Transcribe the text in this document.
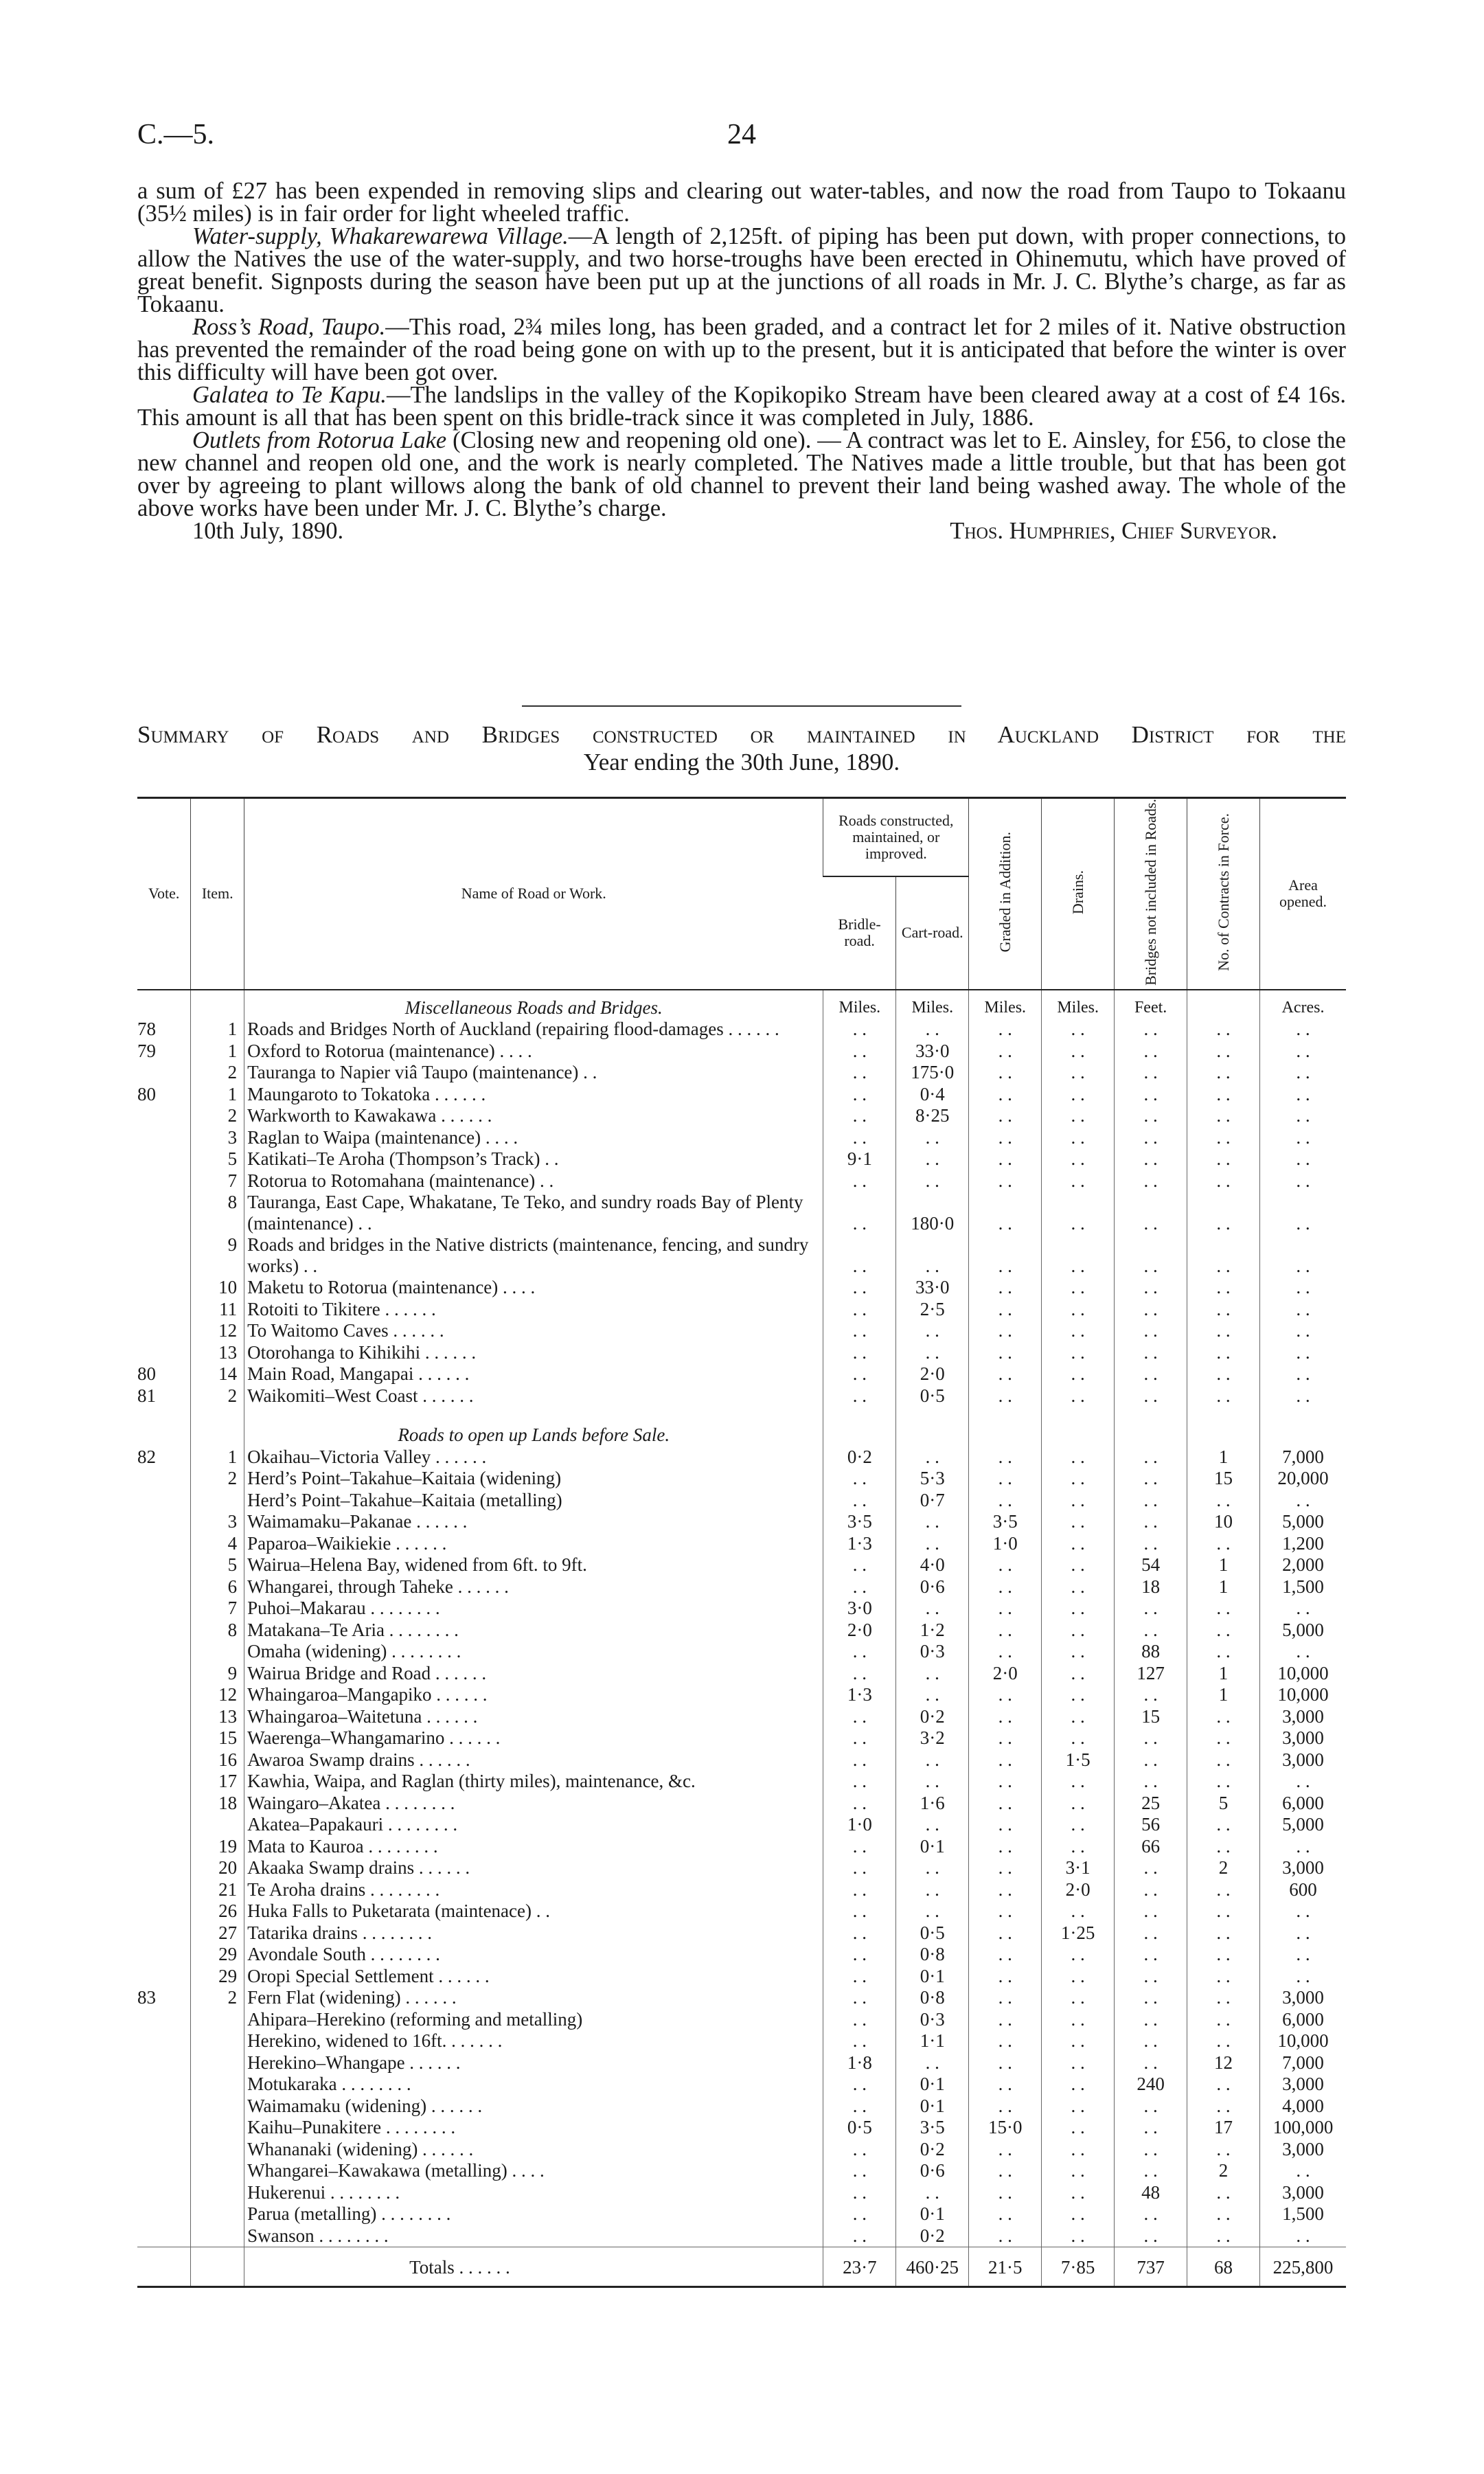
C.—5.	24

a sum of £27 has been expended in removing slips and clearing out water-tables, and now the road from Taupo to Tokaanu (35½ miles) is in fair order for light wheeled traffic.

Water-supply, Whakarewarewa Village.—A length of 2,125ft. of piping has been put down, with proper connections, to allow the Natives the use of the water-supply, and two horse-troughs have been erected in Ohinemutu, which have proved of great benefit. Signposts during the season have been put up at the junctions of all roads in Mr. J. C. Blythe’s charge, as far as Tokaanu.

Ross’s Road, Taupo.—This road, 2¾ miles long, has been graded, and a contract let for 2 miles of it. Native obstruction has prevented the remainder of the road being gone on with up to the present, but it is anticipated that before the winter is over this difficulty will have been got over.

Galatea to Te Kapu.—The landslips in the valley of the Kopikopiko Stream have been cleared away at a cost of £4 16s. This amount is all that has been spent on this bridle-track since it was completed in July, 1886.

Outlets from Rotorua Lake (Closing new and reopening old one). — A contract was let to E. Ainsley, for £56, to close the new channel and reopen old one, and the work is nearly completed. The Natives made a little trouble, but that has been got over by agreeing to plant willows along the bank of old channel to prevent their land being washed away. The whole of the above works have been under Mr. J. C. Blythe’s charge.

10th July, 1890.	Thos. Humphries, Chief Surveyor.
Summary of Roads and Bridges constructed or maintained in Auckland District for the
Year ending the 30th June, 1890.
Vote.	Item.	Name of Road or Work.	Roads constructed, maintained, or improved.		Graded in Addition.	Drains.	Bridges not included in Roads.	No. of Contracts in Force.	Area opened.
			Bridle-road.	Cart-road.					
		Miscellaneous Roads and Bridges.	Miles.	Miles.	Miles.	Miles.	Feet.		Acres.
78	1	Roads and Bridges North of Auckland (repairing flood-damages . . . . . .	. .	. .	. .	. .	. .	. .	. .
79	1	Oxford to Rotorua (maintenance) . . . .	. .	33·0	. .	. .	. .	. .	. .
	2	Tauranga to Napier viâ Taupo (maintenance) . .	. .	175·0	. .	. .	. .	. .	. .
80	1	Maungaroto to Tokatoka . . . . . .	. .	0·4	. .	. .	. .	. .	. .
	2	Warkworth to Kawakawa . . . . . .	. .	8·25	. .	. .	. .	. .	. .
	3	Raglan to Waipa (maintenance) . . . .	. .	. .	. .	. .	. .	. .	. .
	5	Katikati–Te Aroha (Thompson’s Track) . .	9·1	. .	. .	. .	. .	. .	. .
	7	Rotorua to Rotomahana (maintenance) . .	. .	. .	. .	. .	. .	. .	. .
	8	Tauranga, East Cape, Whakatane, Te Teko, and sundry roads Bay of Plenty (maintenance) . .	. .	180·0	. .	. .	. .	. .	. .
	9	Roads and bridges in the Native districts (maintenance, fencing, and sundry works) . .	. .	. .	. .	. .	. .	. .	. .
	10	Maketu to Rotorua (maintenance) . . . .	. .	33·0	. .	. .	. .	. .	. .
	11	Rotoiti to Tikitere . . . . . .	. .	2·5	. .	. .	. .	. .	. .
	12	To Waitomo Caves . . . . . .	. .	. .	. .	. .	. .	. .	. .
	13	Otorohanga to Kihikihi . . . . . .	. .	. .	. .	. .	. .	. .	. .
80	14	Main Road, Mangapai . . . . . .	. .	2·0	. .	. .	. .	. .	. .
81	2	Waikomiti–West Coast . . . . . .	. .	0·5	. .	. .	. .	. .	. .
		Roads to open up Lands before Sale.							
82	1	Okaihau–Victoria Valley . . . . . .	0·2	. .	. .	. .	. .	1	7,000
	2	Herd’s Point–Takahue–Kaitaia (widening)	. .	5·3	. .	. .	. .	15	20,000
		Herd’s Point–Takahue–Kaitaia (metalling)	. .	0·7	. .	. .	. .	. .	. .
	3	Waimamaku–Pakanae . . . . . .	3·5	. .	3·5	. .	. .	10	5,000
	4	Paparoa–Waikiekie . . . . . .	1·3	. .	1·0	. .	. .	. .	1,200
	5	Wairua–Helena Bay, widened from 6ft. to 9ft.	. .	4·0	. .	. .	54	1	2,000
	6	Whangarei, through Taheke . . . . . .	. .	0·6	. .	. .	18	1	1,500
	7	Puhoi–Makarau . . . . . . . .	3·0	. .	. .	. .	. .	. .	. .
	8	Matakana–Te Aria . . . . . . . .	2·0	1·2	. .	. .	. .	. .	5,000
		Omaha (widening) . . . . . . . .	. .	0·3	. .	. .	88	. .	. .
	9	Wairua Bridge and Road . . . . . .	. .	. .	2·0	. .	127	1	10,000
	12	Whaingaroa–Mangapiko . . . . . .	1·3	. .	. .	. .	. .	1	10,000
	13	Whaingaroa–Waitetuna . . . . . .	. .	0·2	. .	. .	15	. .	3,000
	15	Waerenga–Whangamarino . . . . . .	. .	3·2	. .	. .	. .	. .	3,000
	16	Awaroa Swamp drains . . . . . .	. .	. .	. .	1·5	. .	. .	3,000
	17	Kawhia, Waipa, and Raglan (thirty miles), maintenance, &c.	. .	. .	. .	. .	. .	. .	. .
	18	Waingaro–Akatea . . . . . . . .	. .	1·6	. .	. .	25	5	6,000
		Akatea–Papakauri . . . . . . . .	1·0	. .	. .	. .	56	. .	5,000
	19	Mata to Kauroa . . . . . . . .	. .	0·1	. .	. .	66	. .	. .
	20	Akaaka Swamp drains . . . . . .	. .	. .	. .	3·1	. .	2	3,000
	21	Te Aroha drains . . . . . . . .	. .	. .	. .	2·0	. .	. .	600
	26	Huka Falls to Puketarata (maintenace) . .	. .	. .	. .	. .	. .	. .	. .
	27	Tatarika drains . . . . . . . .	. .	0·5	. .	1·25	. .	. .	. .
	29	Avondale South . . . . . . . .	. .	0·8	. .	. .	. .	. .	. .
	29	Oropi Special Settlement . . . . . .	. .	0·1	. .	. .	. .	. .	. .
83	2	Fern Flat (widening) . . . . . .	. .	0·8	. .	. .	. .	. .	3,000
		Ahipara–Herekino (reforming and metalling)	. .	0·3	. .	. .	. .	. .	6,000
		Herekino, widened to 16ft. . . . . . .	. .	1·1	. .	. .	. .	. .	10,000
		Herekino–Whangape . . . . . .	1·8	. .	. .	. .	. .	12	7,000
		Motukaraka . . . . . . . .	. .	0·1	. .	. .	240	. .	3,000
		Waimamaku (widening) . . . . . .	. .	0·1	. .	. .	. .	. .	4,000
		Kaihu–Punakitere . . . . . . . .	0·5	3·5	15·0	. .	. .	17	100,000
		Whananaki (widening) . . . . . .	. .	0·2	. .	. .	. .	. .	3,000
		Whangarei–Kawakawa (metalling) . . . .	. .	0·6	. .	. .	. .	2	. .
		Hukerenui . . . . . . . .	. .	. .	. .	. .	48	. .	3,000
		Parua (metalling) . . . . . . . .	. .	0·1	. .	. .	. .	. .	1,500
		Swanson . . . . . . . .	. .	0·2	. .	. .	. .	. .	. .
		Totals . . . . . .	23·7	460·25	21·5	7·85	737	68	225,800
